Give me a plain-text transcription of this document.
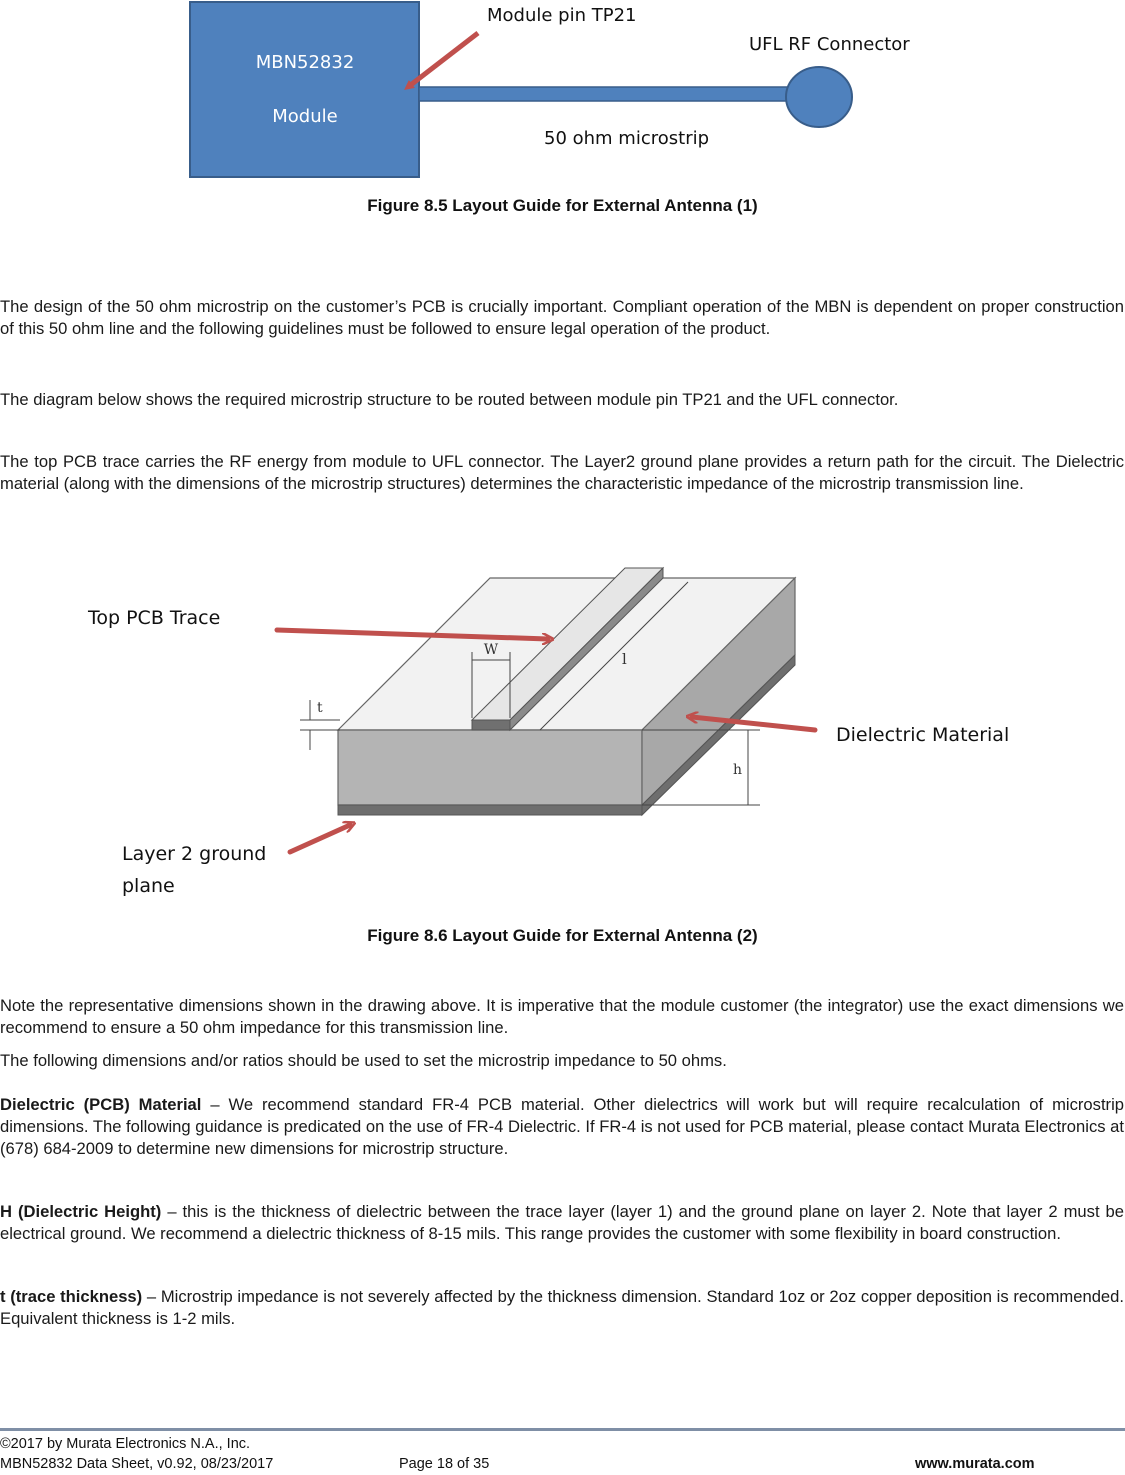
MBN52832
Module
Module pin TP21
UFL RF Connector
50 ohm microstrip
Figure 8.5 Layout Guide for External Antenna (1)

The design of the 50 ohm microstrip on the customer’s PCB is crucially important. Compliant operation of the MBN is dependent on proper construction of this 50 ohm line and the following guidelines must be followed to ensure legal operation of the product.

The diagram below shows the required microstrip structure to be routed between module pin TP21 and the UFL connector.

The top PCB trace carries the RF energy from module to UFL connector. The Layer2 ground plane provides a return path for the circuit. The Dielectric material (along with the dimensions of the microstrip structures) determines the characteristic impedance of the microstrip transmission line.

W	l
t
h
Top PCB Trace
Dielectric Material
Layer 2 ground
plane
Figure 8.6 Layout Guide for External Antenna (2)

Note the representative dimensions shown in the drawing above. It is imperative that the module customer (the integrator) use the exact dimensions we recommend to ensure a 50 ohm impedance for this transmission line.

The following dimensions and/or ratios should be used to set the microstrip impedance to 50 ohms.

Dielectric (PCB) Material – We recommend standard FR-4 PCB material. Other dielectrics will work but will require recalculation of microstrip dimensions. The following guidance is predicated on the use of FR-4 Dielectric. If FR-4 is not used for PCB material, please contact Murata Electronics at (678) 684-2009 to determine new dimensions for microstrip structure.

H (Dielectric Height) – this is the thickness of dielectric between the trace layer (layer 1) and the ground plane on layer 2. Note that layer 2 must be electrical ground. We recommend a dielectric thickness of 8-15 mils. This range provides the customer with some flexibility in board construction.

t (trace thickness) – Microstrip impedance is not severely affected by the thickness dimension. Standard 1oz or 2oz copper deposition is recommended. Equivalent thickness is 1-2 mils.

©2017 by Murata Electronics N.A., Inc.
MBN52832 Data Sheet, v0.92, 08/23/2017	Page 18 of 35	www.murata.com
